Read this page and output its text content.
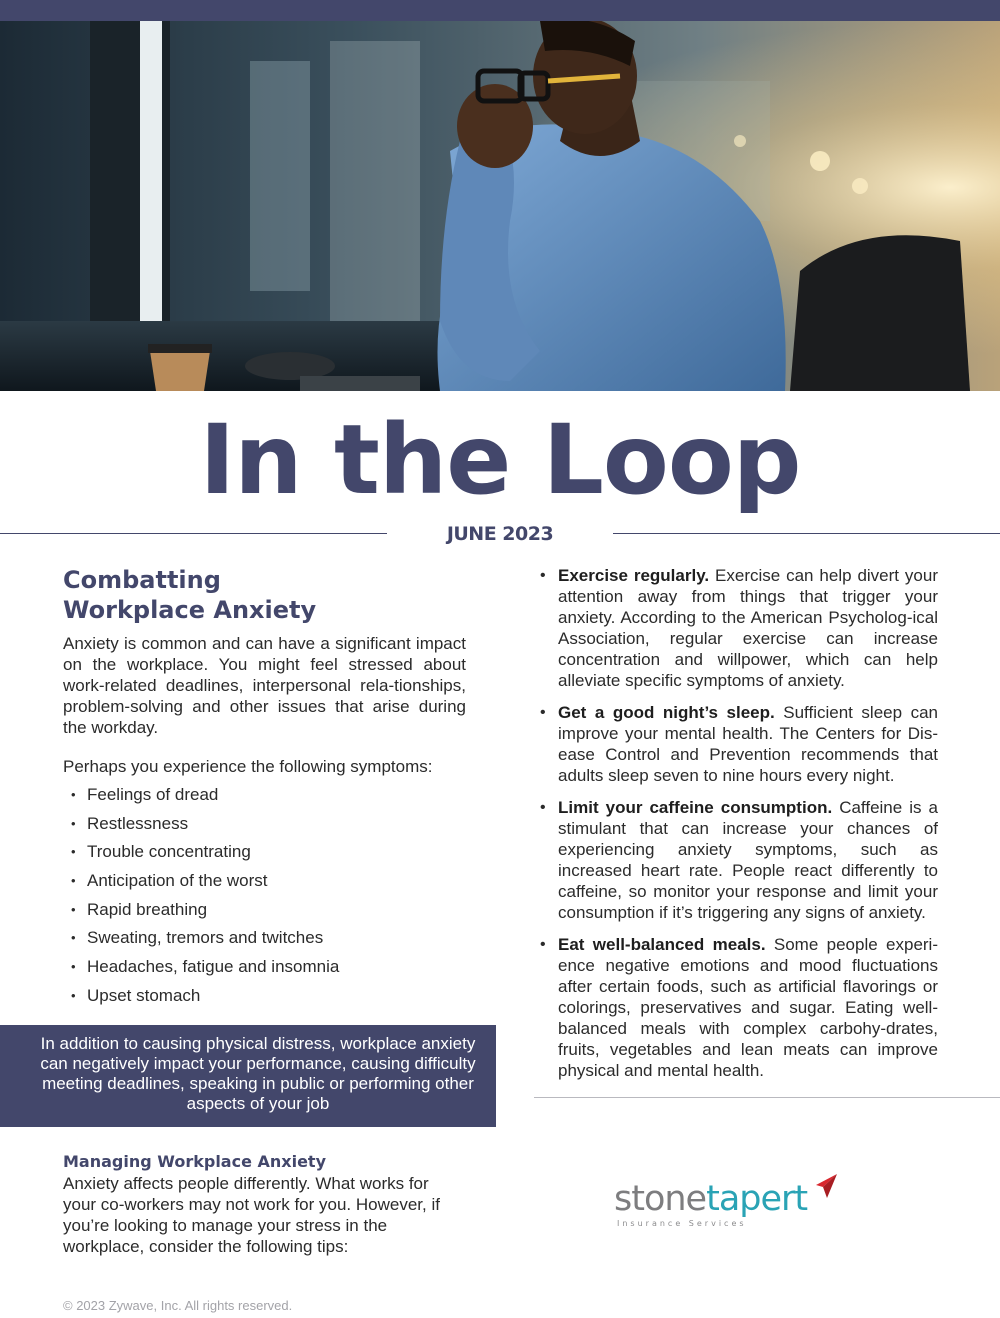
In the Loop
JUNE 2023
Combatting
Workplace Anxiety

Anxiety is common and can have a significant impact on the workplace. You might feel stressed about work-related deadlines, interpersonal rela-tionships, problem-solving and other issues that arise during the workday.

Perhaps you experience the following symptoms:

• Feelings of dread
• Restlessness
• Trouble concentrating
• Anticipation of the worst
• Rapid breathing
• Sweating, tremors and twitches
• Headaches, fatigue and insomnia
• Upset stomach
In addition to causing physical distress, workplace anxiety can negatively impact your performance, causing difficulty meeting deadlines, speaking in public or performing other aspects of your job
Managing Workplace Anxiety
Anxiety affects people differently. What works for your co-workers may not work for you. However, if you’re looking to manage your stress in the workplace, consider the following tips:
• Exercise regularly. Exercise can help divert your attention away from things that trigger your anxiety. According to the American Psycholog-ical Association, regular exercise can increase concentration and willpower, which can help alleviate specific symptoms of anxiety.
• Get a good night’s sleep. Sufficient sleep can improve your mental health. The Centers for Dis-ease Control and Prevention recommends that adults sleep seven to nine hours every night.
• Limit your caffeine consumption. Caffeine is a stimulant that can increase your chances of experiencing anxiety symptoms, such as increased heart rate. People react differently to caffeine, so monitor your response and limit your consumption if it’s triggering any signs of anxiety.
• Eat well-balanced meals. Some people experi-ence negative emotions and mood fluctuations after certain foods, such as artificial flavorings or colorings, preservatives and sugar. Eating well-balanced meals with complex carbohy-drates, fruits, vegetables and lean meats can improve physical and mental health.
stonetapert
Insurance Services
© 2023 Zywave, Inc. All rights reserved.
